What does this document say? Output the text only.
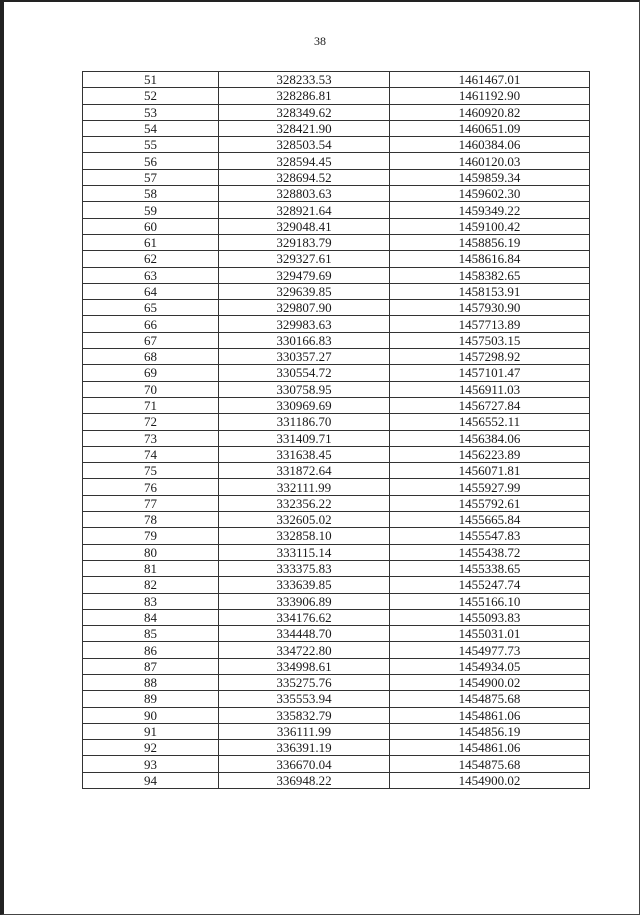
38
51	328233.53	1461467.01
52	328286.81	1461192.90
53	328349.62	1460920.82
54	328421.90	1460651.09
55	328503.54	1460384.06
56	328594.45	1460120.03
57	328694.52	1459859.34
58	328803.63	1459602.30
59	328921.64	1459349.22
60	329048.41	1459100.42
61	329183.79	1458856.19
62	329327.61	1458616.84
63	329479.69	1458382.65
64	329639.85	1458153.91
65	329807.90	1457930.90
66	329983.63	1457713.89
67	330166.83	1457503.15
68	330357.27	1457298.92
69	330554.72	1457101.47
70	330758.95	1456911.03
71	330969.69	1456727.84
72	331186.70	1456552.11
73	331409.71	1456384.06
74	331638.45	1456223.89
75	331872.64	1456071.81
76	332111.99	1455927.99
77	332356.22	1455792.61
78	332605.02	1455665.84
79	332858.10	1455547.83
80	333115.14	1455438.72
81	333375.83	1455338.65
82	333639.85	1455247.74
83	333906.89	1455166.10
84	334176.62	1455093.83
85	334448.70	1455031.01
86	334722.80	1454977.73
87	334998.61	1454934.05
88	335275.76	1454900.02
89	335553.94	1454875.68
90	335832.79	1454861.06
91	336111.99	1454856.19
92	336391.19	1454861.06
93	336670.04	1454875.68
94	336948.22	1454900.02
